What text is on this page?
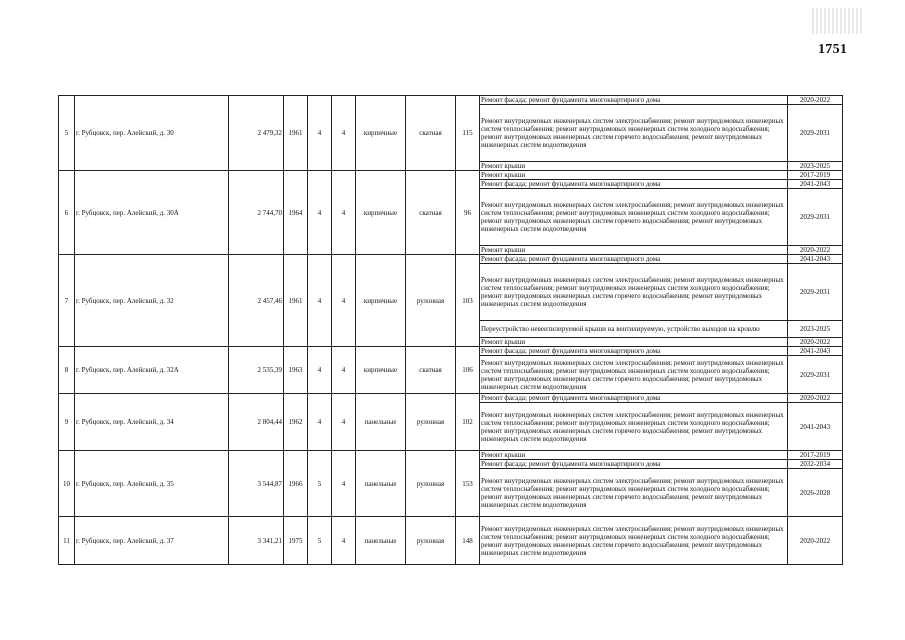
1751
5	г. Рубцовск, пер. Алейский, д. 30	2 479,32	1961	4	4	кирпичные	скатная	115	Ремонт фасада; ремонт фундамента многоквартирного дома	2020-2022
									Ремонт внутридомовых инженерных систем электроснабжения; ремонт внутридомовых инженерных систем теплоснабжения; ремонт внутридомовых инженерных систем холодного водоснабжения; ремонт внутридомовых инженерных систем горячего водоснабжения; ремонт внутридомовых инженерных систем водоотведения	2029-2031
									Ремонт крыши	2023-2025
6	г. Рубцовск, пер. Алейский, д. 30А	2 744,70	1964	4	4	кирпичные	скатная	96	Ремонт крыши	2017-2019
									Ремонт фасада; ремонт фундамента многоквартирного дома	2041-2043
									Ремонт внутридомовых инженерных систем электроснабжения; ремонт внутридомовых инженерных систем теплоснабжения; ремонт внутридомовых инженерных систем холодного водоснабжения; ремонт внутридомовых инженерных систем горячего водоснабжения; ремонт внутридомовых инженерных систем водоотведения	2029-2031
									Ремонт крыши	2020-2022
7	г. Рубцовск, пер. Алейский, д. 32	2 457,46	1961	4	4	кирпичные	рулонная	103	Ремонт фасада; ремонт фундамента многоквартирного дома	2041-2043
									Ремонт внутридомовых инженерных систем электроснабжения; ремонт внутридомовых инженерных систем теплоснабжения; ремонт внутридомовых инженерных систем холодного водоснабжения; ремонт внутридомовых инженерных систем горячего водоснабжения; ремонт внутридомовых инженерных систем водоотведения	2029-2031
									Переустройство невентилируемой крыши на вентилируемую, устройство выходов на кровлю	2023-2025
									Ремонт крыши	2020-2022
8	г. Рубцовск, пер. Алейский, д. 32А	2 535,39	1963	4	4	кирпичные	скатная	106	Ремонт фасада; ремонт фундамента многоквартирного дома	2041-2043
									Ремонт внутридомовых инженерных систем электроснабжения; ремонт внутридомовых инженерных систем теплоснабжения; ремонт внутридомовых инженерных систем холодного водоснабжения; ремонт внутридомовых инженерных систем горячего водоснабжения; ремонт внутридомовых инженерных систем водоотведения	2029-2031
9	г. Рубцовск, пер. Алейский, д. 34	2 804,44	1962	4	4	панельные	рулонная	102	Ремонт фасада; ремонт фундамента многоквартирного дома	2020-2022
									Ремонт внутридомовых инженерных систем электроснабжения; ремонт внутридомовых инженерных систем теплоснабжения; ремонт внутридомовых инженерных систем холодного водоснабжения; ремонт внутридомовых инженерных систем горячего водоснабжения; ремонт внутридомовых инженерных систем водоотведения	2041-2043
10	г. Рубцовск, пер. Алейский, д. 35	3 544,87	1966	5	4	панельные	рулонная	153	Ремонт крыши	2017-2019
									Ремонт фасада; ремонт фундамента многоквартирного дома	2032-2034
									Ремонт внутридомовых инженерных систем электроснабжения; ремонт внутридомовых инженерных систем теплоснабжения; ремонт внутридомовых инженерных систем холодного водоснабжения; ремонт внутридомовых инженерных систем горячего водоснабжения; ремонт внутридомовых инженерных систем водоотведения	2026-2028
11	г. Рубцовск, пер. Алейский, д. 37	3 341,21	1975	5	4	панельные	рулонная	148	Ремонт внутридомовых инженерных систем электроснабжения; ремонт внутридомовых инженерных систем теплоснабжения; ремонт внутридомовых инженерных систем холодного водоснабжения; ремонт внутридомовых инженерных систем горячего водоснабжения; ремонт внутридомовых инженерных систем водоотведения	2020-2022
